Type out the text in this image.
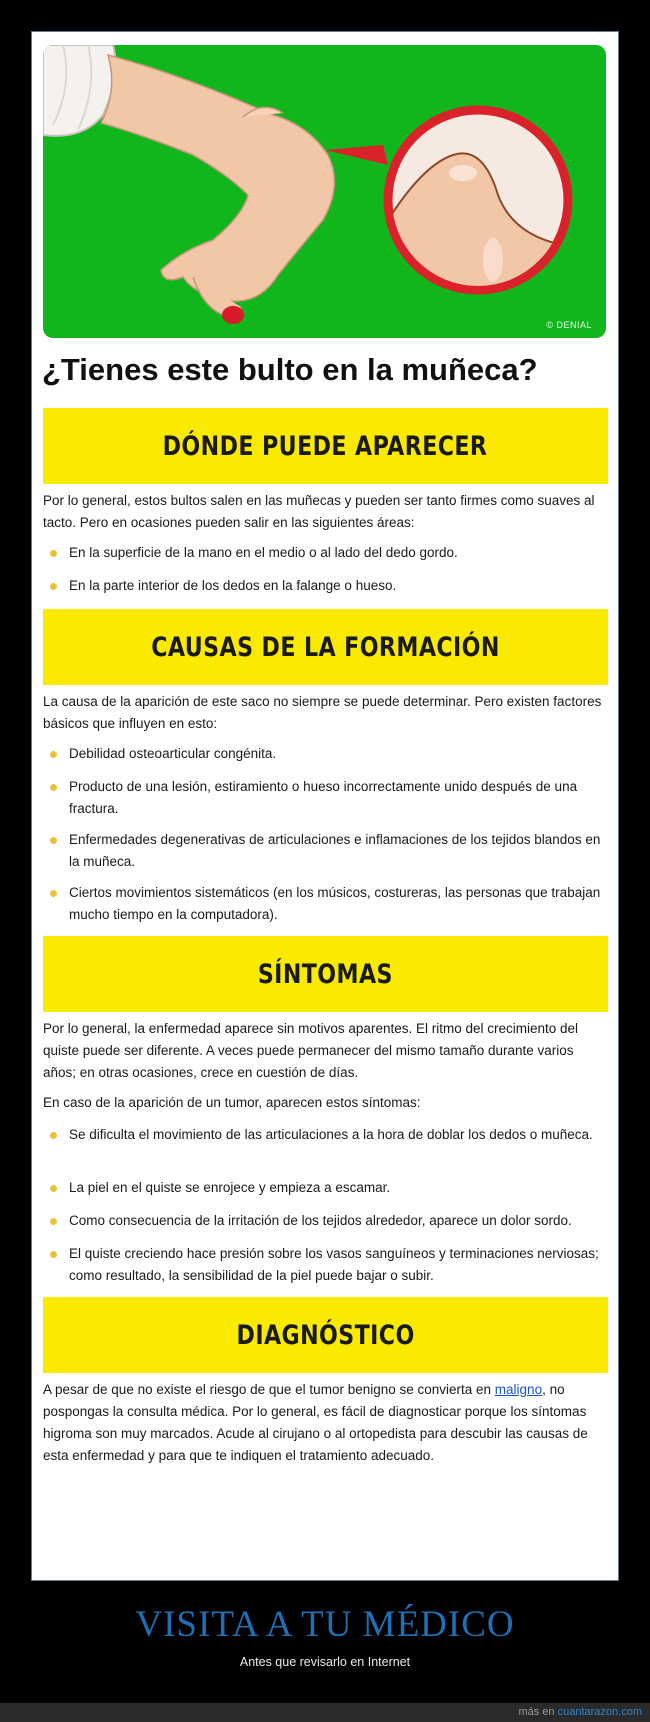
© DENIAL
¿Tienes este bulto en la muñeca?
DÓNDE PUEDE APARECER

Por lo general, estos bultos salen en las muñecas y pueden ser tanto firmes como suaves al tacto. Pero en ocasiones pueden salir en las siguientes áreas:

En la superficie de la mano en el medio o al lado del dedo gordo.
En la parte interior de los dedos en la falange o hueso.
CAUSAS DE LA FORMACIÓN

La causa de la aparición de este saco no siempre se puede determinar. Pero existen factores básicos que influyen en esto:

Debilidad osteoarticular congénita.
Producto de una lesión, estiramiento o hueso incorrectamente unido después de una fractura.
Enfermedades degenerativas de articulaciones e inflamaciones de los tejidos blandos en la muñeca.
Ciertos movimientos sistemáticos (en los músicos, costureras, las personas que trabajan mucho tiempo en la computadora).
SÍNTOMAS

Por lo general, la enfermedad aparece sin motivos aparentes. El ritmo del crecimiento del quiste puede ser diferente. A veces puede permanecer del mismo tamaño durante varios años; en otras ocasiones, crece en cuestión de días.

En caso de la aparición de un tumor, aparecen estos síntomas:

Se dificulta el movimiento de las articulaciones a la hora de doblar los dedos o muñeca.
La piel en el quiste se enrojece y empieza a escamar.
Como consecuencia de la irritación de los tejidos alrededor, aparece un dolor sordo.
El quiste creciendo hace presión sobre los vasos sanguíneos y terminaciones nerviosas; como resultado, la sensibilidad de la piel puede bajar o subir.
DIAGNÓSTICO

A pesar de que no existe el riesgo de que el tumor benigno se convierta en maligno, no pospongas la consulta médica. Por lo general, es fácil de diagnosticar porque los síntomas higroma son muy marcados. Acude al cirujano o al ortopedista para descubir las causas de esta enfermedad y para que te indiquen el tratamiento adecuado.

VISITA A TU MÉDICO
Antes que revisarlo en Internet
más en cuantarazon.com
